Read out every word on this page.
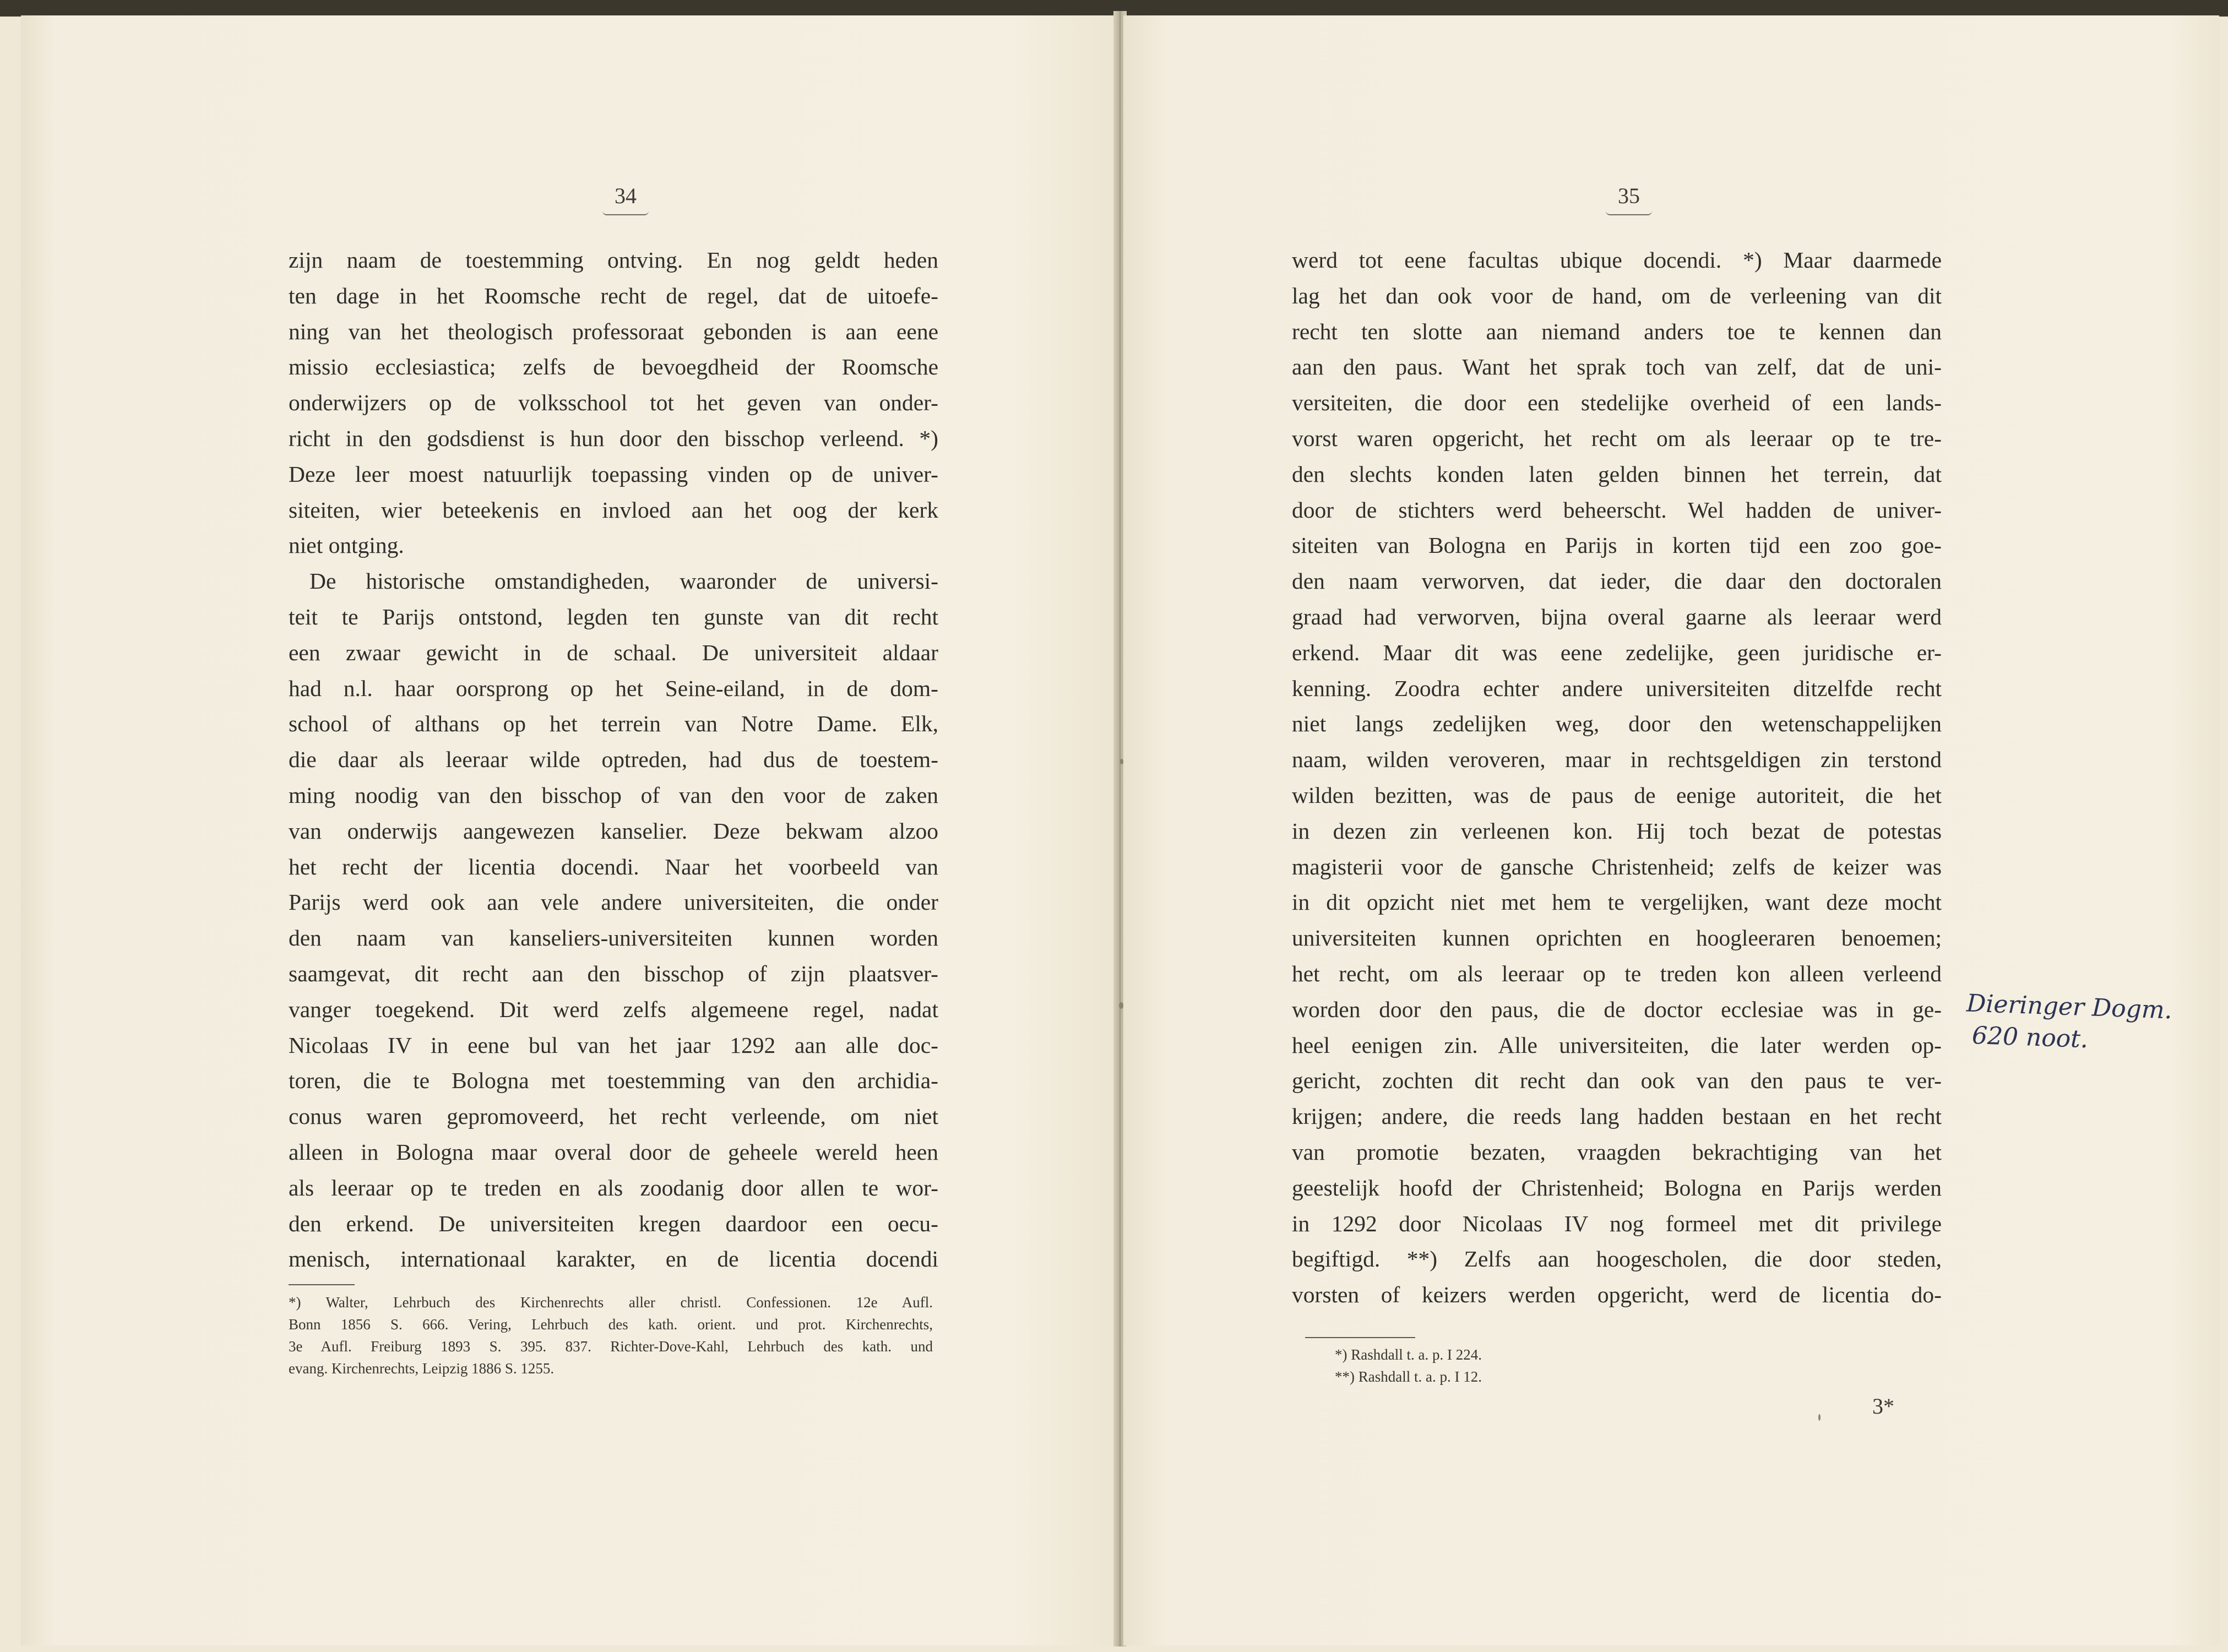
34
zijn naam de toestemming ontving. En nog geldt heden
ten dage in het Roomsche recht de regel, dat de uitoefe-
ning van het theologisch professoraat gebonden is aan eene
missio ecclesiastica; zelfs de bevoegdheid der Roomsche
onderwijzers op de volksschool tot het geven van onder-
richt in den godsdienst is hun door den bisschop verleend. *)
Deze leer moest natuurlijk toepassing vinden op de univer-
siteiten, wier beteekenis en invloed aan het oog der kerk
niet ontging.
De historische omstandigheden, waaronder de universi-
teit te Parijs ontstond, legden ten gunste van dit recht
een zwaar gewicht in de schaal. De universiteit aldaar
had n.l. haar oorsprong op het Seine-eiland, in de dom-
school of althans op het terrein van Notre Dame. Elk,
die daar als leeraar wilde optreden, had dus de toestem-
ming noodig van den bisschop of van den voor de zaken
van onderwijs aangewezen kanselier. Deze bekwam alzoo
het recht der licentia docendi. Naar het voorbeeld van
Parijs werd ook aan vele andere universiteiten, die onder
den naam van kanseliers-universiteiten kunnen worden
saamgevat, dit recht aan den bisschop of zijn plaatsver-
vanger toegekend. Dit werd zelfs algemeene regel, nadat
Nicolaas IV in eene bul van het jaar 1292 aan alle doc-
toren, die te Bologna met toestemming van den archidia-
conus waren gepromoveerd, het recht verleende, om niet
alleen in Bologna maar overal door de geheele wereld heen
als leeraar op te treden en als zoodanig door allen te wor-
den erkend. De universiteiten kregen daardoor een oecu-
menisch, internationaal karakter, en de licentia docendi
*) Walter, Lehrbuch des Kirchenrechts aller christl. Confessionen. 12e Aufl.
Bonn 1856 S. 666. Vering, Lehrbuch des kath. orient. und prot. Kirchenrechts,
3e Aufl. Freiburg 1893 S. 395. 837. Richter-Dove-Kahl, Lehrbuch des kath. und
evang. Kirchenrechts, Leipzig 1886 S. 1255.
35
werd tot eene facultas ubique docendi. *) Maar daarmede
lag het dan ook voor de hand, om de verleening van dit
recht ten slotte aan niemand anders toe te kennen dan
aan den paus. Want het sprak toch van zelf, dat de uni-
versiteiten, die door een stedelijke overheid of een lands-
vorst waren opgericht, het recht om als leeraar op te tre-
den slechts konden laten gelden binnen het terrein, dat
door de stichters werd beheerscht. Wel hadden de univer-
siteiten van Bologna en Parijs in korten tijd een zoo goe-
den naam verworven, dat ieder, die daar den doctoralen
graad had verworven, bijna overal gaarne als leeraar werd
erkend. Maar dit was eene zedelijke, geen juridische er-
kenning. Zoodra echter andere universiteiten ditzelfde recht
niet langs zedelijken weg, door den wetenschappelijken
naam, wilden veroveren, maar in rechtsgeldigen zin terstond
wilden bezitten, was de paus de eenige autoriteit, die het
in dezen zin verleenen kon. Hij toch bezat de potestas
magisterii voor de gansche Christenheid; zelfs de keizer was
in dit opzicht niet met hem te vergelijken, want deze mocht
universiteiten kunnen oprichten en hoogleeraren benoemen;
het recht, om als leeraar op te treden kon alleen verleend
worden door den paus, die de doctor ecclesiae was in ge-
heel eenigen zin. Alle universiteiten, die later werden op-
gericht, zochten dit recht dan ook van den paus te ver-
krijgen; andere, die reeds lang hadden bestaan en het recht
van promotie bezaten, vraagden bekrachtiging van het
geestelijk hoofd der Christenheid; Bologna en Parijs werden
in 1292 door Nicolaas IV nog formeel met dit privilege
begiftigd. **) Zelfs aan hoogescholen, die door steden,
vorsten of keizers werden opgericht, werd de licentia do-
*) Rashdall t. a. p. I 224.
**) Rashdall t. a. p. I 12.
3*
Dieringer Dogm.
620 noot.
